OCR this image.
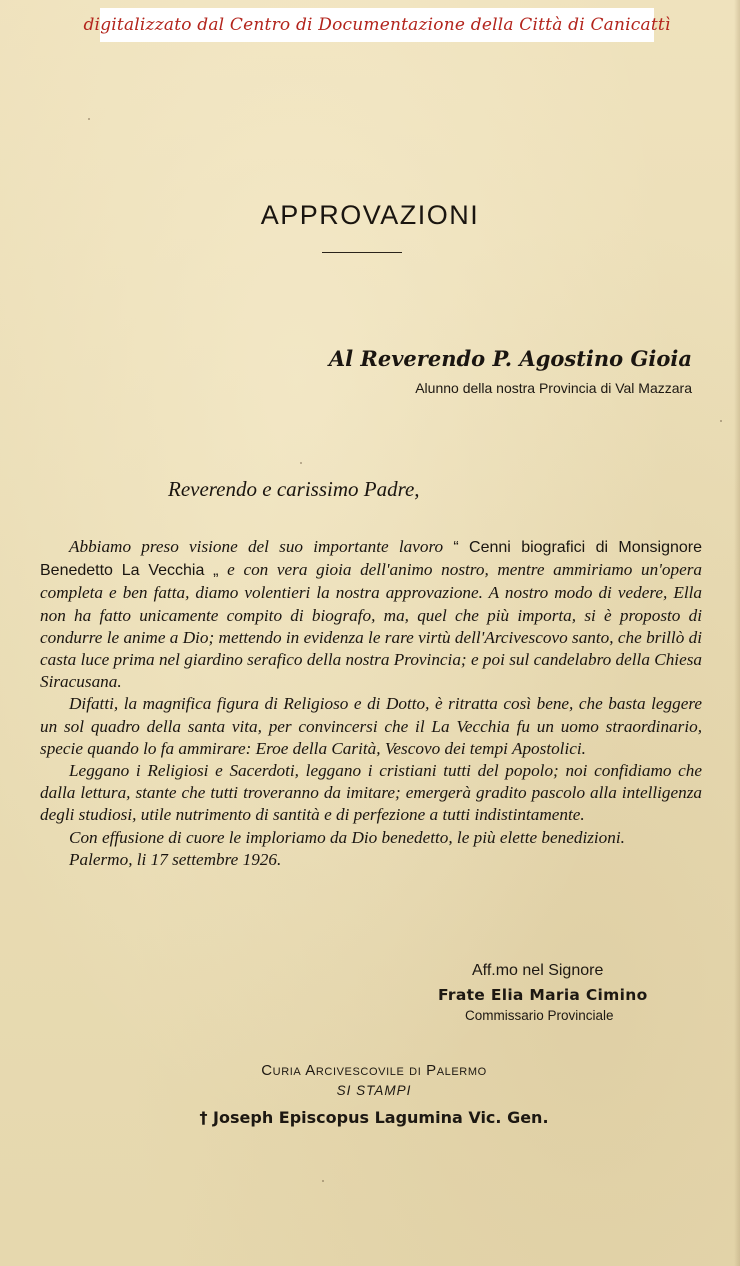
digitalizzato dal Centro di Documentazione della Città di Canicattì
APPROVAZIONI
Al Reverendo P. Agostino Gioia
Alunno della nostra Provincia di Val Mazzara
Reverendo e carissimo Padre,

Abbiamo preso visione del suo importante lavoro “ Cenni biografici di Monsignore Benedetto La Vecchia „ e con vera gioia dell'animo nostro, mentre ammiriamo un'opera completa e ben fatta, diamo volentieri la nostra approvazione. A nostro modo di vedere, Ella non ha fatto unicamente compito di biografo, ma, quel che più importa, si è proposto di condurre le anime a Dio; mettendo in evidenza le rare virtù dell'Arcivescovo santo, che brillò di casta luce prima nel giardino serafico della nostra Provincia; e poi sul candelabro della Chiesa Siracusana.

Difatti, la magnifica figura di Religioso e di Dotto, è ritratta così bene, che basta leggere un sol quadro della santa vita, per convincersi che il La Vecchia fu un uomo straordinario, specie quando lo fa ammirare: Eroe della Carità, Vescovo dei tempi Apostolici.

Leggano i Religiosi e Sacerdoti, leggano i cristiani tutti del popolo; noi confidiamo che dalla lettura, stante che tutti troveranno da imitare; emergerà gradito pascolo alla intelligenza degli studiosi, utile nutrimento di santità e di perfezione a tutti indistintamente.

Con effusione di cuore le imploriamo da Dio benedetto, le più elette benedizioni.

Palermo, li 17 settembre 1926.

Aff.mo nel Signore
Frate Elia Maria Cimino
Commissario Provinciale
Curia Arcivescovile di Palermo
SI STAMPI
† Joseph Episcopus Lagumina Vic. Gen.
